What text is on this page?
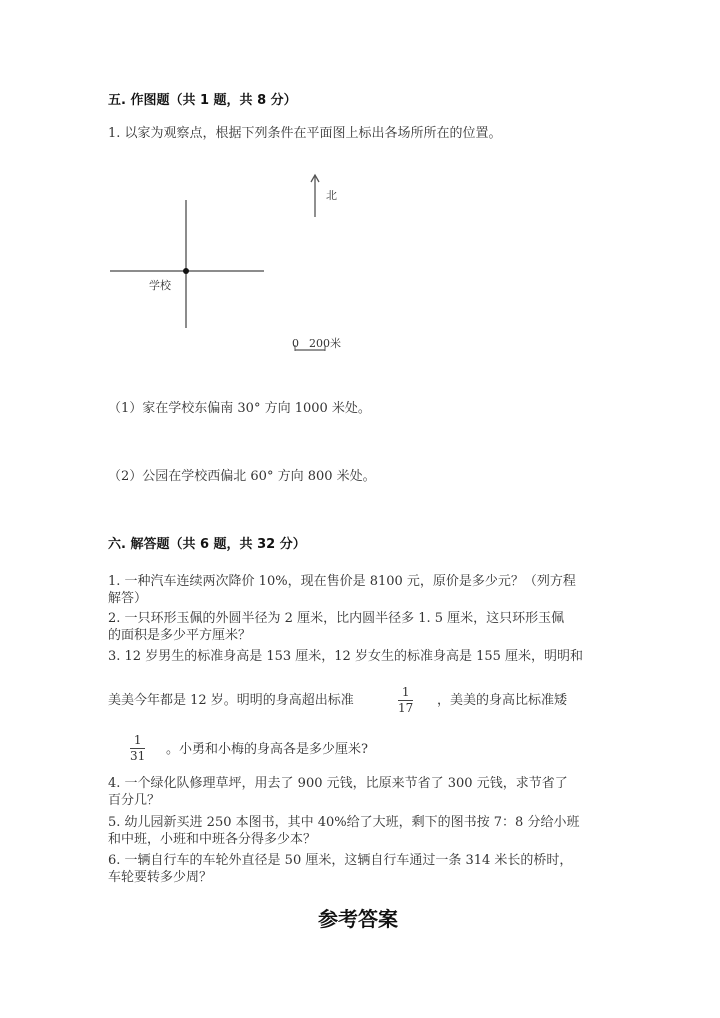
五. 作图题（共 1 题，共 8 分）
1. 以家为观察点，根据下列条件在平面图上标出各场所所在的位置。
学校
北
0 200米
（1）家在学校东偏南 30° 方向 1000 米处。
（2）公园在学校西偏北 60° 方向 800 米处。
六. 解答题（共 6 题，共 32 分）
1. 一种汽车连续两次降价 10%，现在售价是 8100 元，原价是多少元？（列方程
解答）
2. 一只环形玉佩的外圆半径为 2 厘米，比内圆半径多 1. 5 厘米，这只环形玉佩
的面积是多少平方厘米？
3. 12 岁男生的标准身高是 153 厘米，12 岁女生的标准身高是 155 厘米，明明和
美美今年都是 12 岁。明明的身高超出标准	$\frac{1}{17}$ ，美美的身高比标准矮
$\frac{1}{31}$ 。小勇和小梅的身高各是多少厘米?
4. 一个绿化队修理草坪，用去了 900 元钱，比原来节省了 300 元钱，求节省了
百分几？
5. 幼儿园新买进 250 本图书，其中 40%给了大班，剩下的图书按 7：8 分给小班
和中班，小班和中班各分得多少本？
6. 一辆自行车的车轮外直径是 50 厘米，这辆自行车通过一条 314 米长的桥时，
车轮要转多少周？
参考答案
